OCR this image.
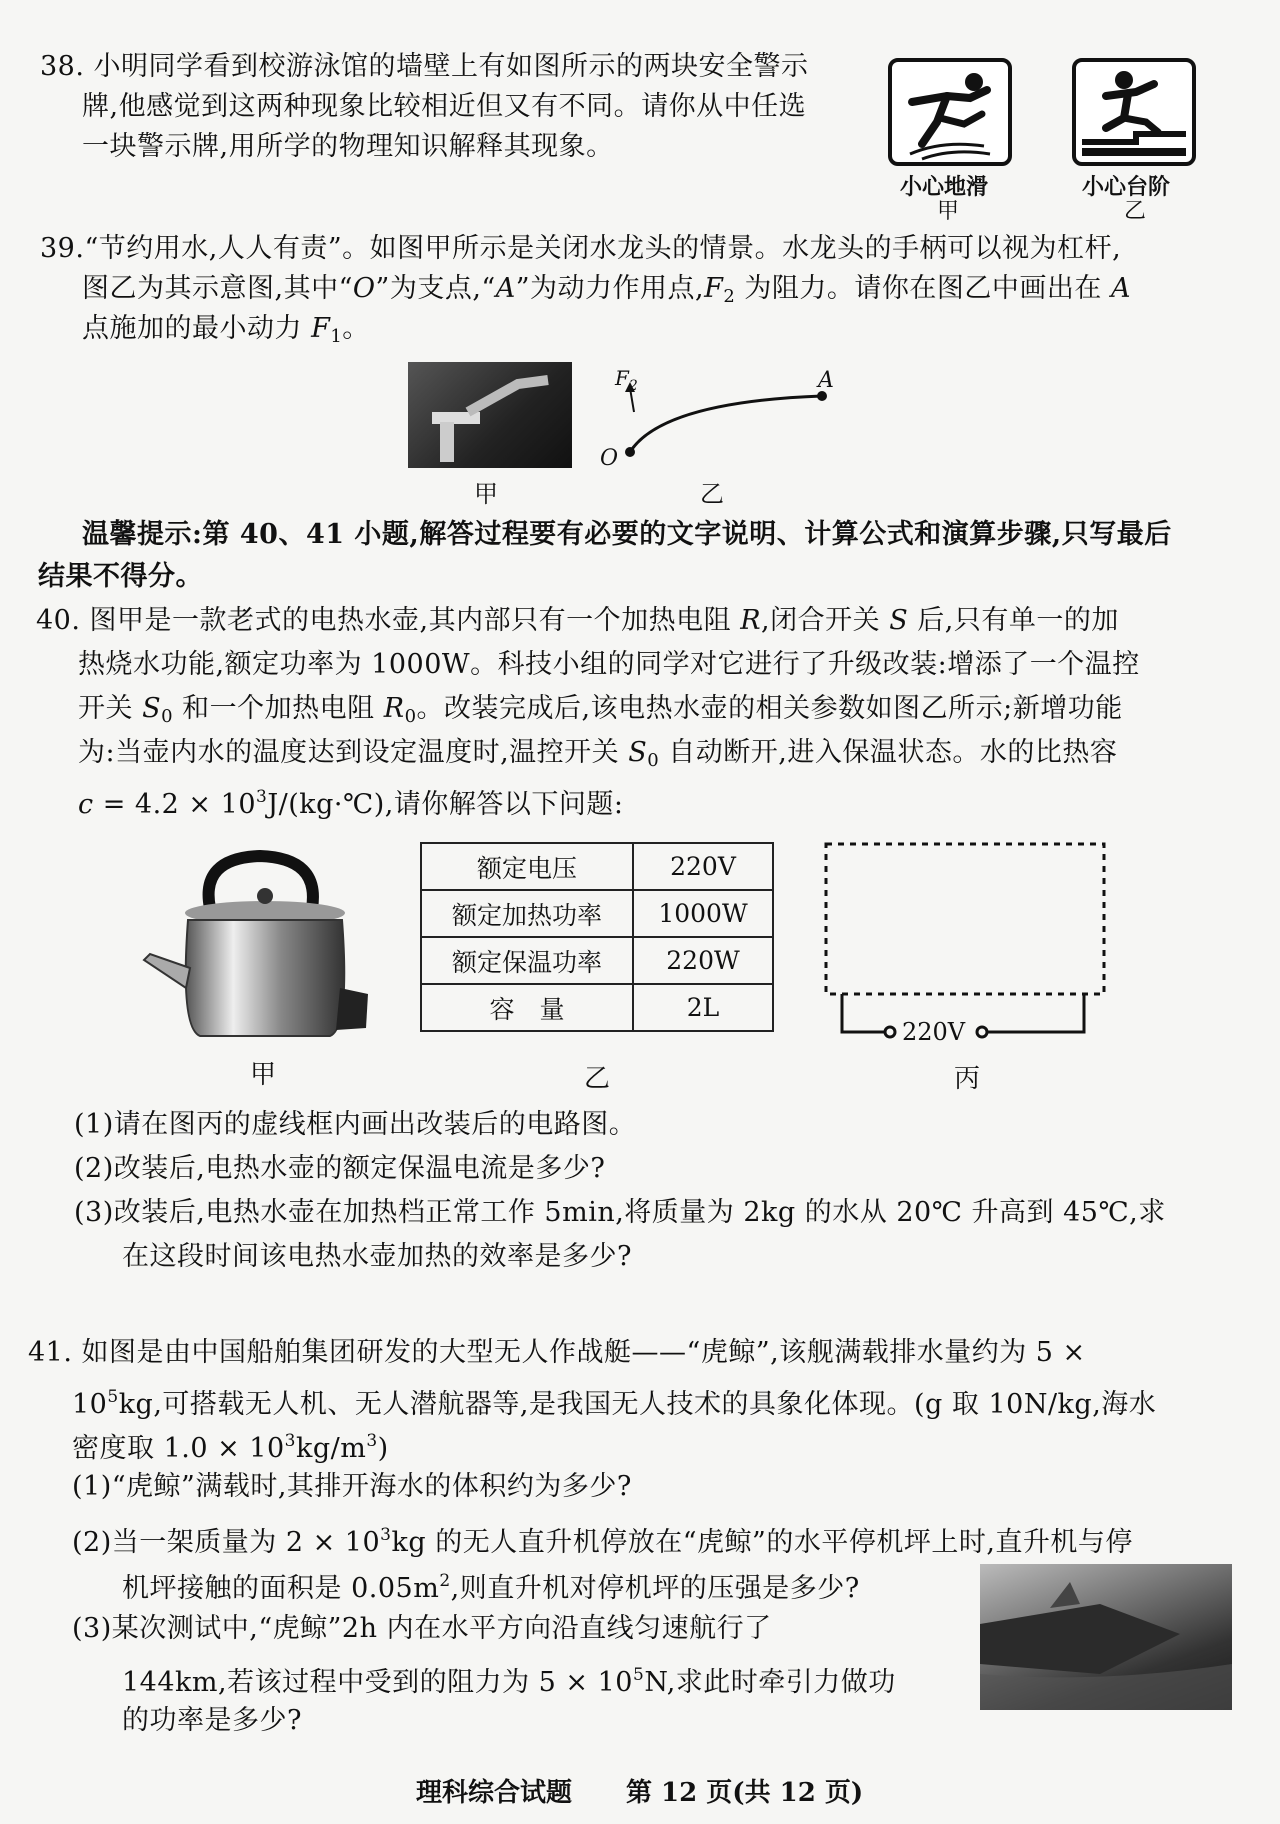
38. 小明同学看到校游泳馆的墙壁上有如图所示的两块安全警示
牌,他感觉到这两种现象比较相近但又有不同。请你从中任选
一块警示牌,用所学的物理知识解释其现象。
小心地滑
甲
小心台阶
乙
39.“节约用水,人人有责”。如图甲所示是关闭水龙头的情景。水龙头的手柄可以视为杠杆,
图乙为其示意图,其中“O”为支点,“A”为动力作用点$,F_2$ 为阻力。请你在图乙中画出在 A
点施加的最小动力 $F_1$。
甲
O
A
$F_2$
乙
温馨提示:第 40、41 小题,解答过程要有必要的文字说明、计算公式和演算步骤,只写最后
结果不得分。
40. 图甲是一款老式的电热水壶,其内部只有一个加热电阻 R,闭合开关 S 后,只有单一的加
热烧水功能,额定功率为 1000W。科技小组的同学对它进行了升级改装:增添了一个温控
开关 $S_0$ 和一个加热电阻 $R_0$。改装完成后,该电热水壶的相关参数如图乙所示;新增功能
为:当壶内水的温度达到设定温度时,温控开关 $S_0$ 自动断开,进入保温状态。水的比热容
$c = 4.2 \times 10^3J/(kg\cdot℃)$,请你解答以下问题:
甲
额定电压	220V
额定加热功率	1000W
额定保温功率	220W
容　量	2L
乙
220V
丙
(1)请在图丙的虚线框内画出改装后的电路图。
(2)改装后,电热水壶的额定保温电流是多少?
(3)改装后,电热水壶在加热档正常工作 5min,将质量为 2kg 的水从 20℃ 升高到 45℃,求
在这段时间该电热水壶加热的效率是多少?
41. 如图是由中国船舶集团研发的大型无人作战艇——“虎鲸”,该舰满载排水量约为 5 ×
$10^5kg$,可搭载无人机、无人潜航器等,是我国无人技术的具象化体现。(g 取 10N/kg,海水
密度取 $1.0 \times 10^3kg/m^3$)
(1)“虎鲸”满载时,其排开海水的体积约为多少?
(2)当一架质量为 $2 \times 10^3kg$ 的无人直升机停放在“虎鲸”的水平停机坪上时,直升机与停
机坪接触的面积是 $0.05m^2$,则直升机对停机坪的压强是多少?
(3)某次测试中,“虎鲸”2h 内在水平方向沿直线匀速航行了
144km,若该过程中受到的阻力为 $5 \times 10^5N$,求此时牵引力做功
的功率是多少?
理科综合试题 第 12 页(共 12 页)
